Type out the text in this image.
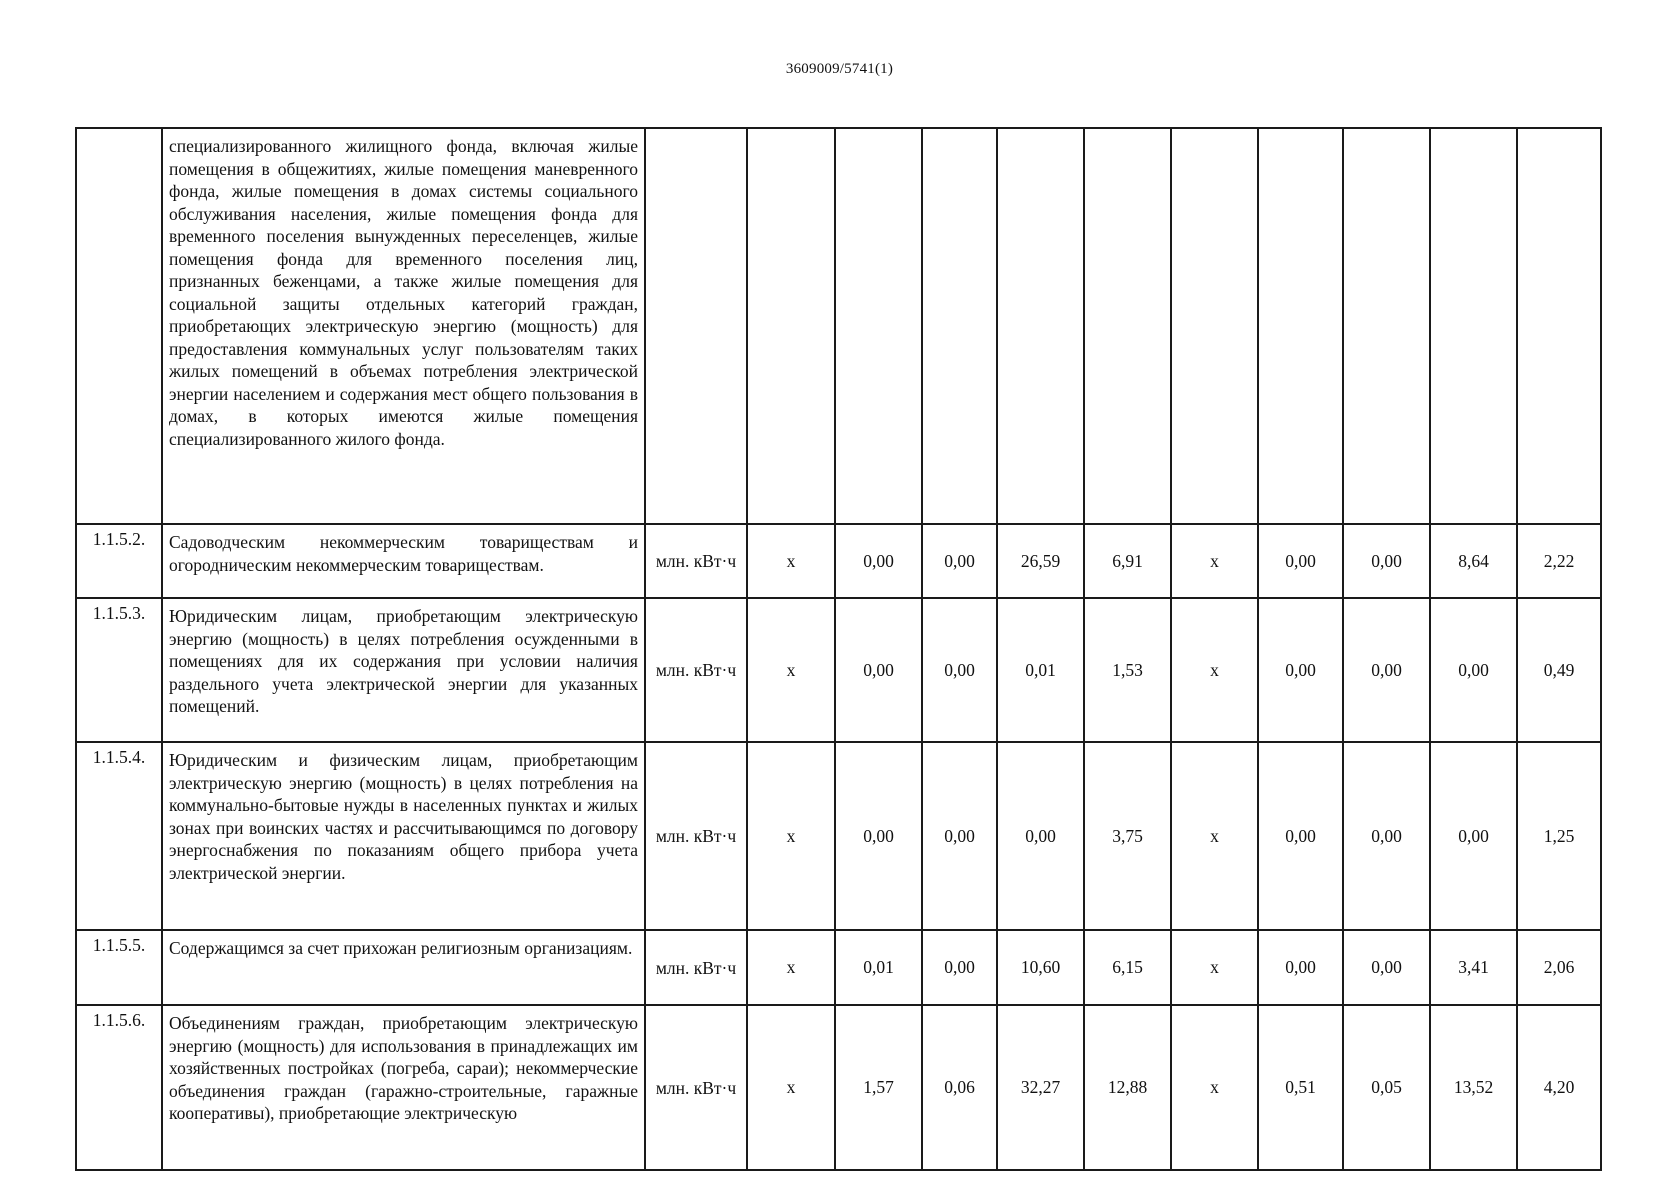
3609009/5741(1)
	специализированного жилищного фонда, включая жилые помещения в общежитиях, жилые помещения маневренного фонда, жилые помещения в домах системы социального обслуживания населения, жилые помещения фонда для временного поселения вынужденных переселенцев, жилые помещения фонда для временного поселения лиц, признанных беженцами, а также жилые помещения для социальной защиты отдельных категорий граждан, приобретающих электрическую энергию (мощность) для предоставления коммунальных услуг пользователям таких жилых помещений в объемах потребления электрической энергии населением и содержания мест общего пользования в домах, в которых имеются жилые помещения специализированного жилого фонда.											
1.1.5.2.	Садоводческим некоммерческим товариществам и огородническим некоммерческим товариществам.	млн. кВт·ч	х	0,00	0,00	26,59	6,91	х	0,00	0,00	8,64	2,22
1.1.5.3.	Юридическим лицам, приобретающим электрическую энергию (мощность) в целях потребления осужденными в помещениях для их содержания при условии наличия раздельного учета электрической энергии для указанных помещений.	млн. кВт·ч	х	0,00	0,00	0,01	1,53	х	0,00	0,00	0,00	0,49
1.1.5.4.	Юридическим и физическим лицам, приобретающим электрическую энергию (мощность) в целях потребления на коммунально-бытовые нужды в населенных пунктах и жилых зонах при воинских частях и рассчитывающимся по договору энергоснабжения по показаниям общего прибора учета электрической энергии.	млн. кВт·ч	х	0,00	0,00	0,00	3,75	х	0,00	0,00	0,00	1,25
1.1.5.5.	Содержащимся за счет прихожан религиозным организациям.	млн. кВт·ч	х	0,01	0,00	10,60	6,15	х	0,00	0,00	3,41	2,06
1.1.5.6.	Объединениям граждан, приобретающим электрическую энергию (мощность) для использования в принадлежащих им хозяйственных постройках (погреба, сараи); некоммерческие объединения граждан (гаражно-строительные, гаражные кооперативы), приобретающие электрическую	млн. кВт·ч	х	1,57	0,06	32,27	12,88	х	0,51	0,05	13,52	4,20
